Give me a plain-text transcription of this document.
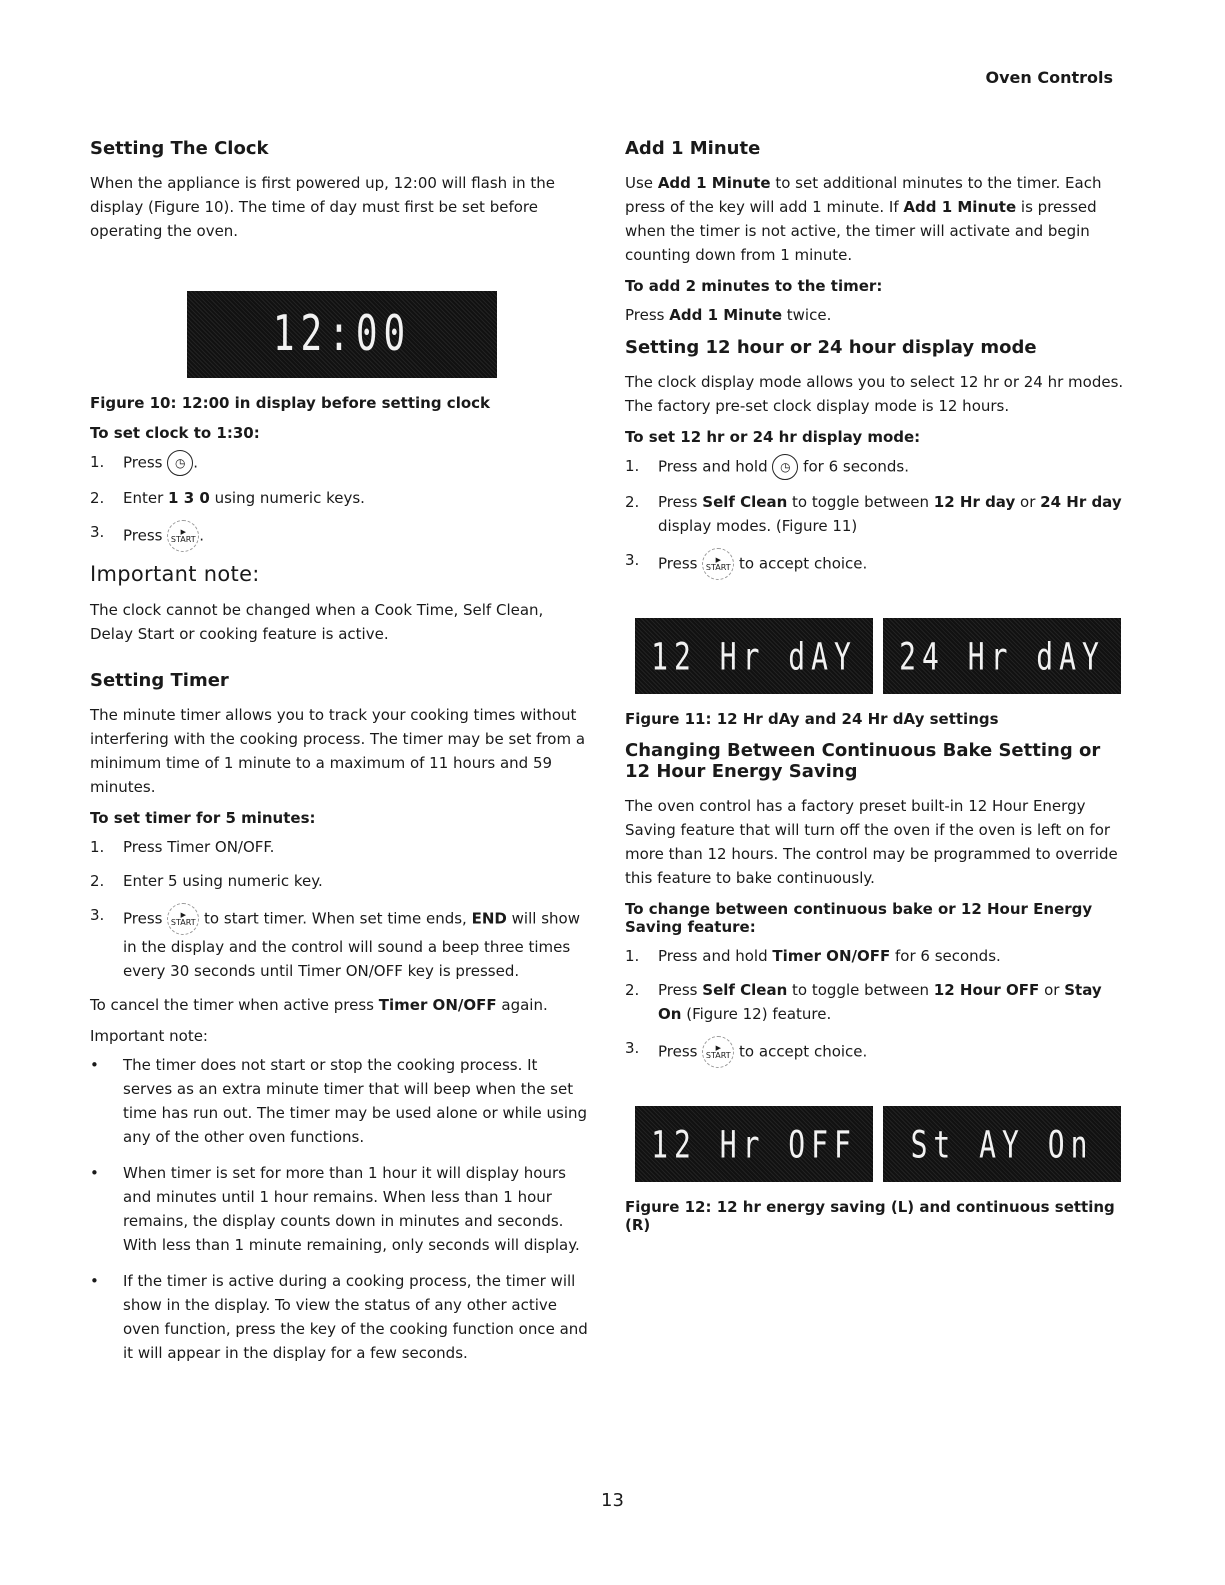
Oven Controls
Setting The Clock

When the appliance is first powered up, 12:00 will flash in the display (Figure 10). The time of day must first be set before operating the oven.

12:00
Figure 10: 12:00 in display before setting clock
To set clock to 1:30:
1. Press ◷ .
2. Enter 1 3 0 using numeric keys.
3. Press	▶
START .
Important note:

The clock cannot be changed when a Cook Time, Self Clean, Delay Start or cooking feature is active.

Setting Timer

The minute timer allows you to track your cooking times without interfering with the cooking process. The timer may be set from a minimum time of 1 minute to a maximum of 11 hours and 59 minutes.

To set timer for 5 minutes:
1. Press Timer ON/OFF.
2. Enter 5 using numeric key.
3. Press	▶
START to start timer. When set time ends, END will show in the display and the control will sound a beep three times every 30 seconds until Timer ON/OFF key is pressed.

To cancel the timer when active press Timer ON/OFF again.

Important note:
• The timer does not start or stop the cooking process. It serves as an extra minute timer that will beep when the set time has run out. The timer may be used alone or while using any of the other oven functions.
• When timer is set for more than 1 hour it will display hours and minutes until 1 hour remains. When less than 1 hour remains, the display counts down in minutes and seconds. With less than 1 minute remaining, only seconds will display.
• If the timer is active during a cooking process, the timer will show in the display. To view the status of any other active oven function, press the key of the cooking function once and it will appear in the display for a few seconds.
Add 1 Minute

Use Add 1 Minute to set additional minutes to the timer. Each press of the key will add 1 minute. If Add 1 Minute is pressed when the timer is not active, the timer will activate and begin counting down from 1 minute.

To add 2 minutes to the timer:

Press Add 1 Minute twice.

Setting 12 hour or 24 hour display mode

The clock display mode allows you to select 12 hr or 24 hr modes. The factory pre-set clock display mode is 12 hours.

To set 12 hr or 24 hr display mode:
1. Press and hold ◷ for 6 seconds.
2. Press Self Clean to toggle between 12 Hr day or 24 Hr day display modes. (Figure 11)
3. Press	▶
START to accept choice.
12 Hr dAY 24 Hr dAY
Figure 11: 12 Hr dAy and 24 Hr dAy settings
Changing Between Continuous Bake Setting or 12 Hour Energy Saving

The oven control has a factory preset built-in 12 Hour Energy Saving feature that will turn off the oven if the oven is left on for more than 12 hours. The control may be programmed to override this feature to bake continuously.

To change between continuous bake or 12 Hour Energy Saving feature:
1. Press and hold Timer ON/OFF for 6 seconds.
2. Press Self Clean to toggle between 12 Hour OFF or Stay On (Figure 12) feature.
3. Press	▶
START to accept choice.
12 Hr OFF St AY On
Figure 12: 12 hr energy saving (L) and continuous setting (R)
13
